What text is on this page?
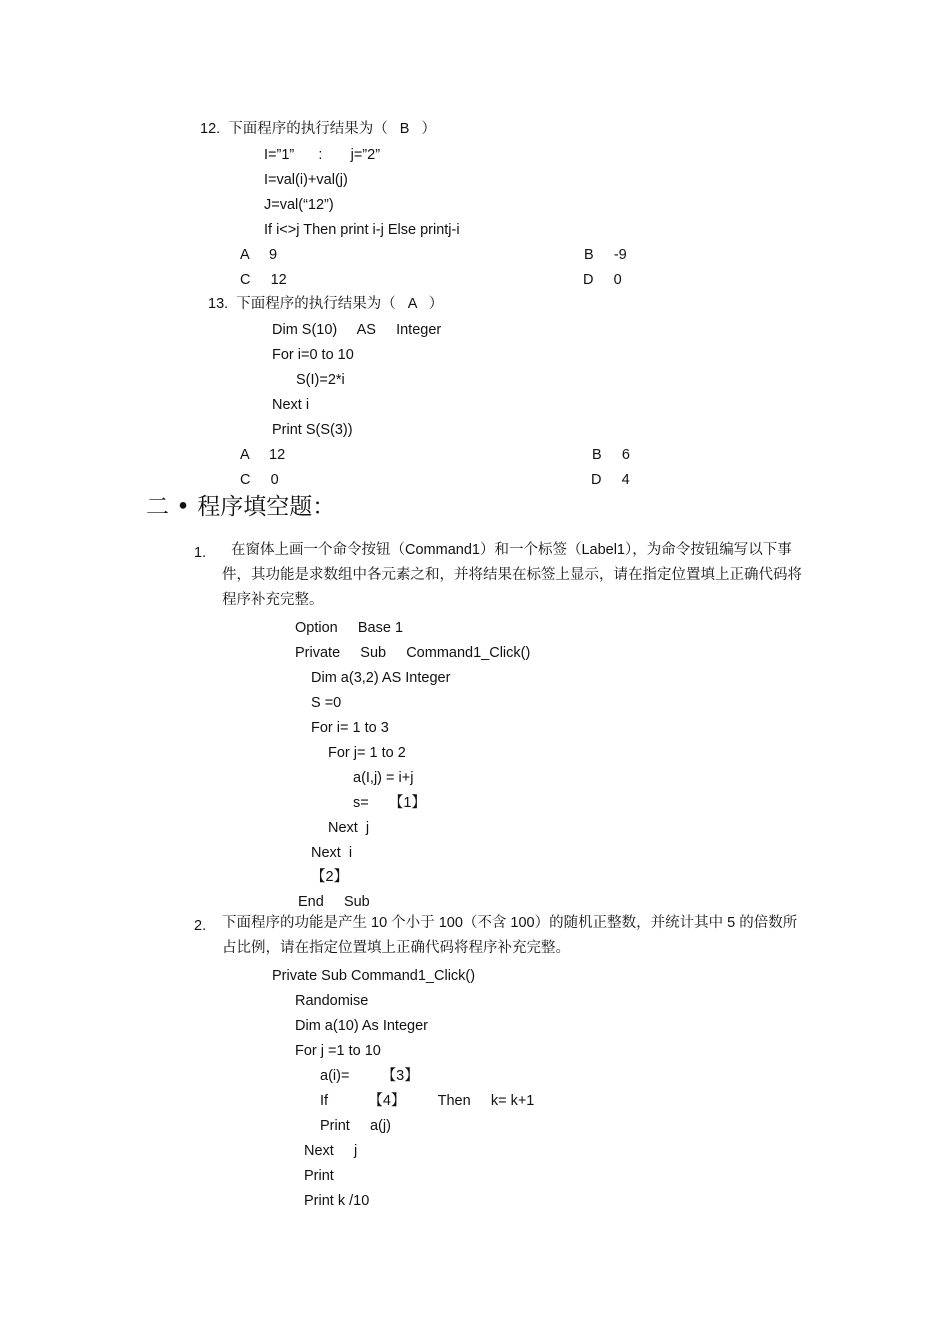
12.  下面程序的执行结果为（   B   ）
I=”1”      :       j=”2”
I=val(i)+val(j)
J=val(“12”)
If i<>j Then print i-j Else printj-i
A     9	B     -9
C     12	D     0
13.  下面程序的执行结果为（   A   ）
Dim S(10)     AS     Integer
For i=0 to 10
S(I)=2*i
Next i
Print S(S(3))
A     12	B     6
C     0	D     4
二 • 程序填空题：
1.	在窗体上画一个命令按钮（Command1）和一个标签（Label1），为命令按钮编写以下事件，其功能是求数组中各元素之和，并将结果在标签上显示，请在指定位置填上正确代码将程序补充完整。
Option     Base 1
Private     Sub     Command1_Click()
Dim a(3,2) AS Integer
S =0
For i= 1 to 3
For j= 1 to 2
a(I,j) = i+j
s=     【1】
Next  j
Next  i
【2】
End     Sub
2. 下面程序的功能是产生 10 个小于 100（不含 100）的随机正整数，并统计其中 5 的倍数所占比例，请在指定位置填上正确代码将程序补充完整。
Private Sub Command1_Click()
Randomise
Dim a(10) As Integer
For j =1 to 10
a(i)=        【3】
If          【4】        Then     k= k+1
Print     a(j)
Next     j
Print
Print k /10
